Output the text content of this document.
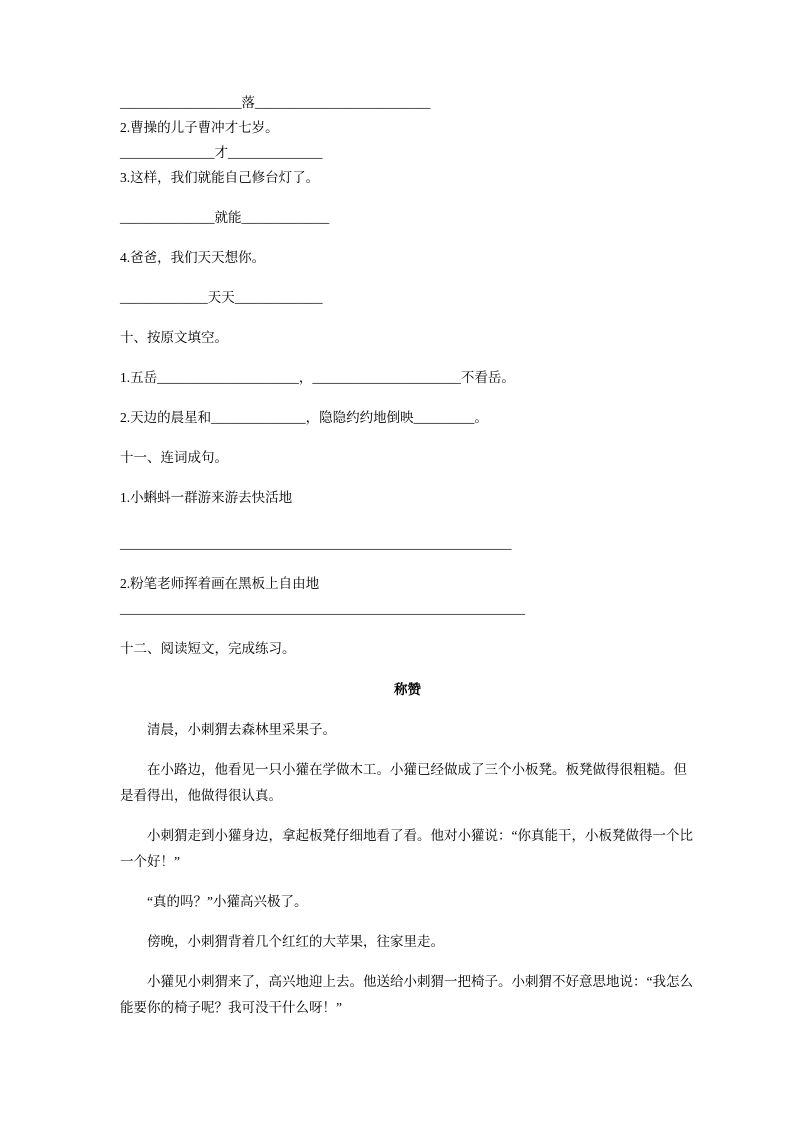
__________________落__________________________
2.曹操的儿子曹冲才七岁。
______________才______________
3.这样，我们就能自己修台灯了。
______________就能_____________
4.爸爸，我们天天想你。
_____________天天_____________
十、按原文填空。
1.五岳_____________________，______________________不看岳。
2.天边的晨星和______________，隐隐约约地倒映_________。
十一、连词成句。
1.小蝌蚪一群游来游去快活地
__________________________________________________________
2.粉笔老师挥着画在黑板上自由地
____________________________________________________________
十二、阅读短文，完成练习。
称赞
清晨，小刺猬去森林里采果子。
在小路边，他看见一只小獾在学做木工。小獾已经做成了三个小板凳。板凳做得很粗糙。但是看得出，他做得很认真。
小刺猬走到小獾身边，拿起板凳仔细地看了看。他对小獾说：“你真能干，小板凳做得一个比一个好！”
“真的吗？”小獾高兴极了。
傍晚，小刺猬背着几个红红的大苹果，往家里走。
小獾见小刺猬来了，高兴地迎上去。他送给小刺猬一把椅子。小刺猬不好意思地说：“我怎么能要你的椅子呢？我可没干什么呀！”
